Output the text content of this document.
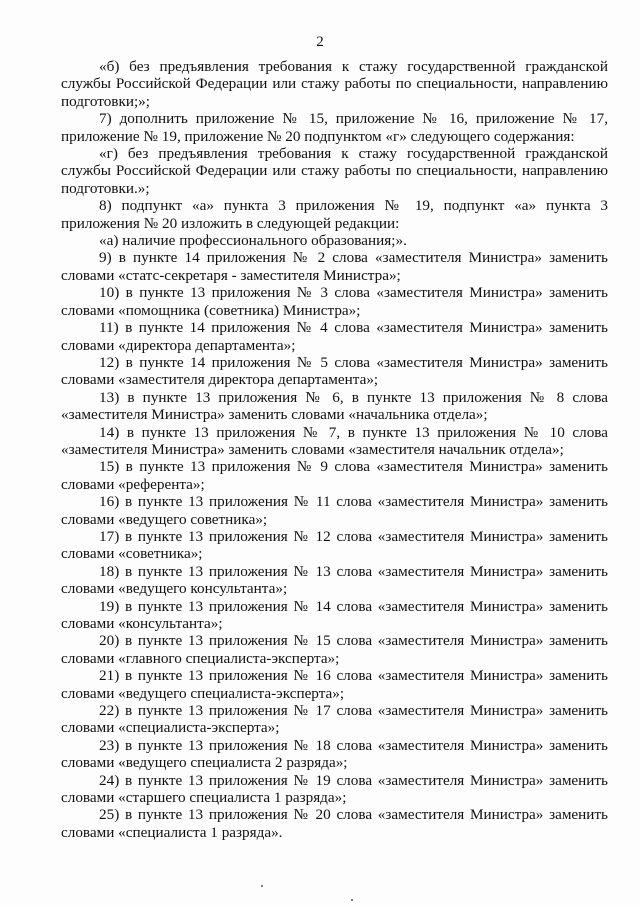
2

«б) без предъявления требования к стажу государственной гражданской службы Российской Федерации или стажу работы по специальности, направлению подготовки;»;

7) дополнить приложение № 15, приложение № 16, приложение № 17, приложение № 19, приложение № 20 подпунктом «г» следующего содержания:

«г) без предъявления требования к стажу государственной гражданской службы Российской Федерации или стажу работы по специальности, направлению подготовки.»;

8) подпункт «а» пункта 3 приложения № 19, подпункт «а» пункта 3 приложения № 20 изложить в следующей редакции:

«а) наличие профессионального образования;».

9) в пункте 14 приложения № 2 слова «заместителя Министра» заменить словами «статс-секретаря - заместителя Министра»;

10) в пункте 13 приложения № 3 слова «заместителя Министра» заменить словами «помощника (советника) Министра»;

11) в пункте 14 приложения № 4 слова «заместителя Министра» заменить словами «директора департамента»;

12) в пункте 14 приложения № 5 слова «заместителя Министра» заменить словами «заместителя директора департамента»;

13) в пункте 13 приложения № 6, в пункте 13 приложения № 8 слова «заместителя Министра» заменить словами «начальника отдела»;

14) в пункте 13 приложения № 7, в пункте 13 приложения № 10 слова «заместителя Министра» заменить словами «заместителя начальник отдела»;

15) в пункте 13 приложения № 9 слова «заместителя Министра» заменить словами «референта»;

16) в пункте 13 приложения № 11 слова «заместителя Министра» заменить словами «ведущего советника»;

17) в пункте 13 приложения № 12 слова «заместителя Министра» заменить словами «советника»;

18) в пункте 13 приложения № 13 слова «заместителя Министра» заменить словами «ведущего консультанта»;

19) в пункте 13 приложения № 14 слова «заместителя Министра» заменить словами «консультанта»;

20) в пункте 13 приложения № 15 слова «заместителя Министра» заменить словами «главного специалиста-эксперта»;

21) в пункте 13 приложения № 16 слова «заместителя Министра» заменить словами «ведущего специалиста-эксперта»;

22) в пункте 13 приложения № 17 слова «заместителя Министра» заменить словами «специалиста-эксперта»;

23) в пункте 13 приложения № 18 слова «заместителя Министра» заменить словами «ведущего специалиста 2 разряда»;

24) в пункте 13 приложения № 19 слова «заместителя Министра» заменить словами «старшего специалиста 1 разряда»;

25) в пункте 13 приложения № 20 слова «заместителя Министра» заменить словами «специалиста 1 разряда».
